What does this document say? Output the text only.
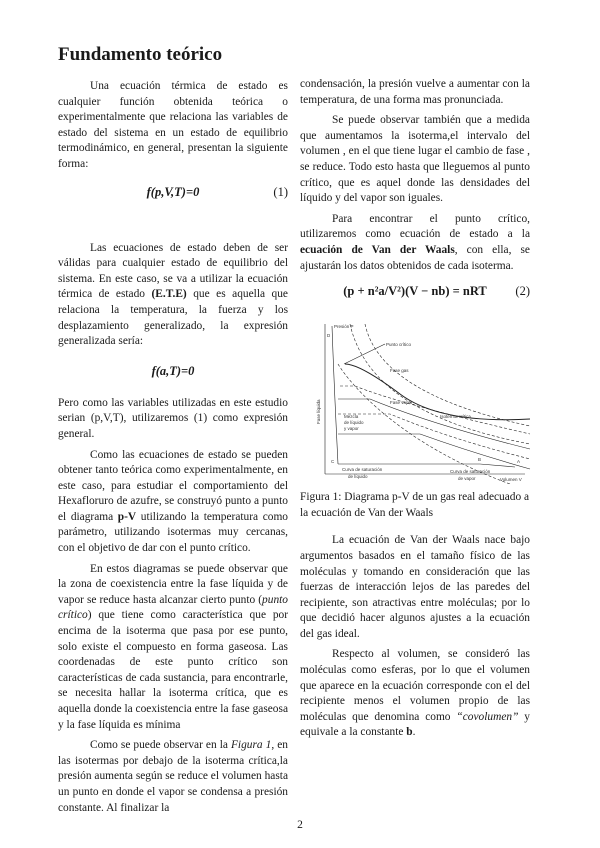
Fundamento teórico

Una ecuación térmica de estado es cualquier función obtenida teórica o experimentalmente que relaciona las variables de estado del sistema en un estado de equilibrio termodinámico, en general, presentan la siguiente forma:

f(p,V,T)=0	(1)

Las ecuaciones de estado deben de ser válidas para cualquier estado de equilibrio del sistema. En este caso, se va a utilizar la ecuación térmica de estado (E.T.E) que es aquella que relaciona la temperatura, la fuerza y los desplazamiento generalizado, la expresión generalizada sería:

f(a,T)=0

Pero como las variables utilizadas en este estudio serian (p,V,T), utilizaremos (1) como expresión general.

Como las ecuaciones de estado se pueden obtener tanto teórica como experimentalmente, en este caso, para estudiar el comportamiento del Hexafloruro de azufre, se construyó punto a punto el diagrama p-V utilizando la temperatura como parámetro, utilizando isotermas muy cercanas, con el objetivo de dar con el punto crítico.

En estos diagramas se puede observar que la zona de coexistencia entre la fase líquida y de vapor se reduce hasta alcanzar cierto punto (punto crítico) que tiene como característica que por encima de la isoterma que pasa por ese punto, solo existe el compuesto en forma gaseosa. Las coordenadas de este punto crítico son características de cada sustancia, para encontrarle, se necesita hallar la isoterma crítica, que es aquella donde la coexistencia entre la fase gaseosa y la fase líquida es mínima

Como se puede observar en la Figura 1, en las isotermas por debajo de la isoterma crítica,la presión aumenta según se reduce el volumen hasta un punto en donde el vapor se condensa a presión constante. Al finalizar la

condensación, la presión vuelve a aumentar con la temperatura, de una forma mas pronunciada.

Se puede observar también que a medida que aumentamos la isoterma,el intervalo del volumen , en el que tiene lugar el cambio de fase , se reduce. Todo esto hasta que lleguemos al punto crítico, que es aquel donde las densidades del líquido y del vapor son iguales.

Para encontrar el punto crítico, utilizaremos como ecuación de estado a la ecuación de Van der Waals, con ella, se ajustarán los datos obtenidos de cada isoterma.

(p + n²a/V²)(V − nb) = nRT	(2)
Presión P
Volumen V
Punto crítico
Fase gas
Isoterma crítica
Fase vapor
Mezcla
de líquido
y vapor
Fase líquida
Curva de saturación
de líquido
Curva de saturación
de vapor
A
B
C
D

Figura 1: Diagrama p-V de un gas real adecuado a la ecuación de Van der Waals

La ecuación de Van der Waals nace bajo argumentos basados en el tamaño físico de las moléculas y tomando en consideración que las fuerzas de interacción lejos de las paredes del recipiente, son atractivas entre moléculas; por lo que decidió hacer algunos ajustes a la ecuación del gas ideal.

Respecto al volumen, se consideró las moléculas como esferas, por lo que el volumen que aparece en la ecuación corresponde con el del recipiente menos el volumen propio de las moléculas que denomina como “covolumen” y equivale a la constante b.

2
